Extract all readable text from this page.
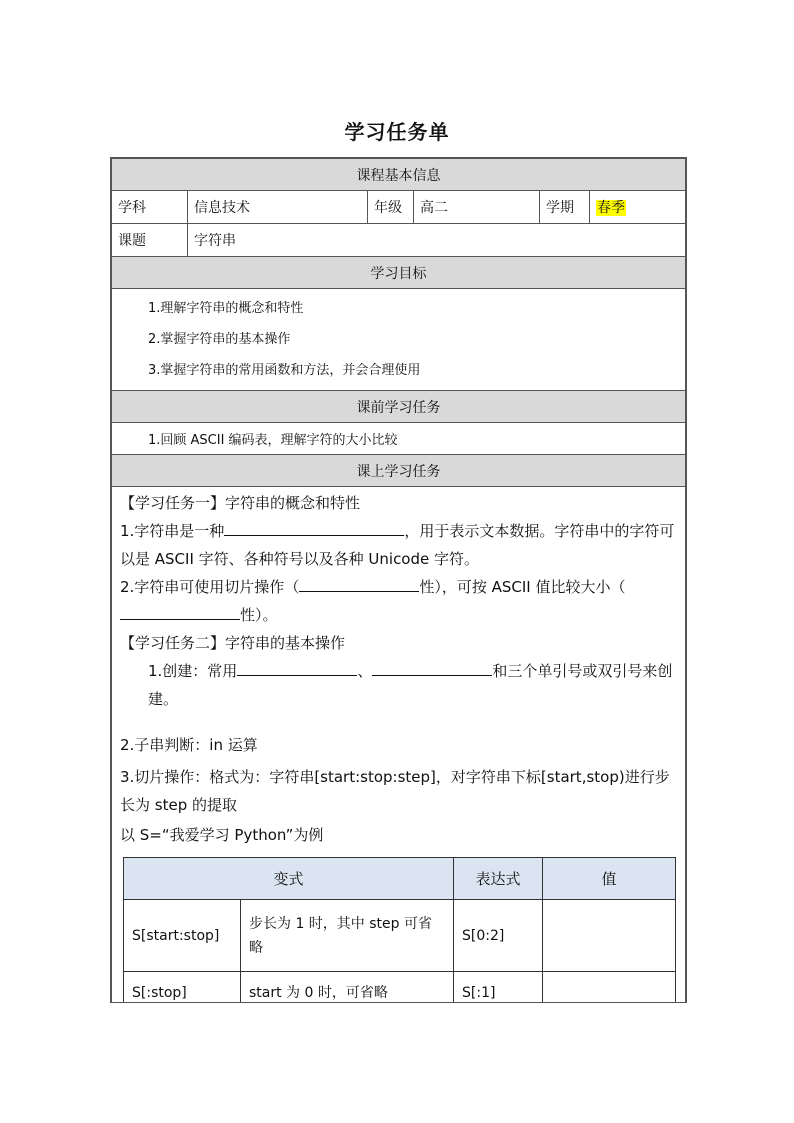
学习任务单
课程基本信息
学科	信息技术	年级	高二	学期	春季
课题	字符串
学习目标

1.理解字符串的概念和特性
2.掌握字符串的基本操作
3.掌握字符串的常用函数和方法，并会合理使用

课前学习任务
1.回顾 ASCII 编码表，理解字符的大小比较
课上学习任务

【学习任务一】字符串的概念和特性

1.字符串是一种	，用于表示文本数据。字符串中的字符可以是 ASCII 字符、各种符号以及各种 Unicode 字符。

2.字符串可使用切片操作（	性），可按 ASCII 值比较大小（性）。

【学习任务二】字符串的基本操作

1.创建：常用	、	和三个单引号或双引号来创建。

2.子串判断：in 运算

3.切片操作：格式为：字符串[start:stop:step]，对字符串下标[start,stop)进行步长为 step 的提取

以 S=“我爱学习 Python”为例

变式	表达式	值
S[start:stop]	步长为 1 时，其中 step 可省略	S[0:2]	
S[:stop]	start 为 0 时，可省略	S[:1]	
